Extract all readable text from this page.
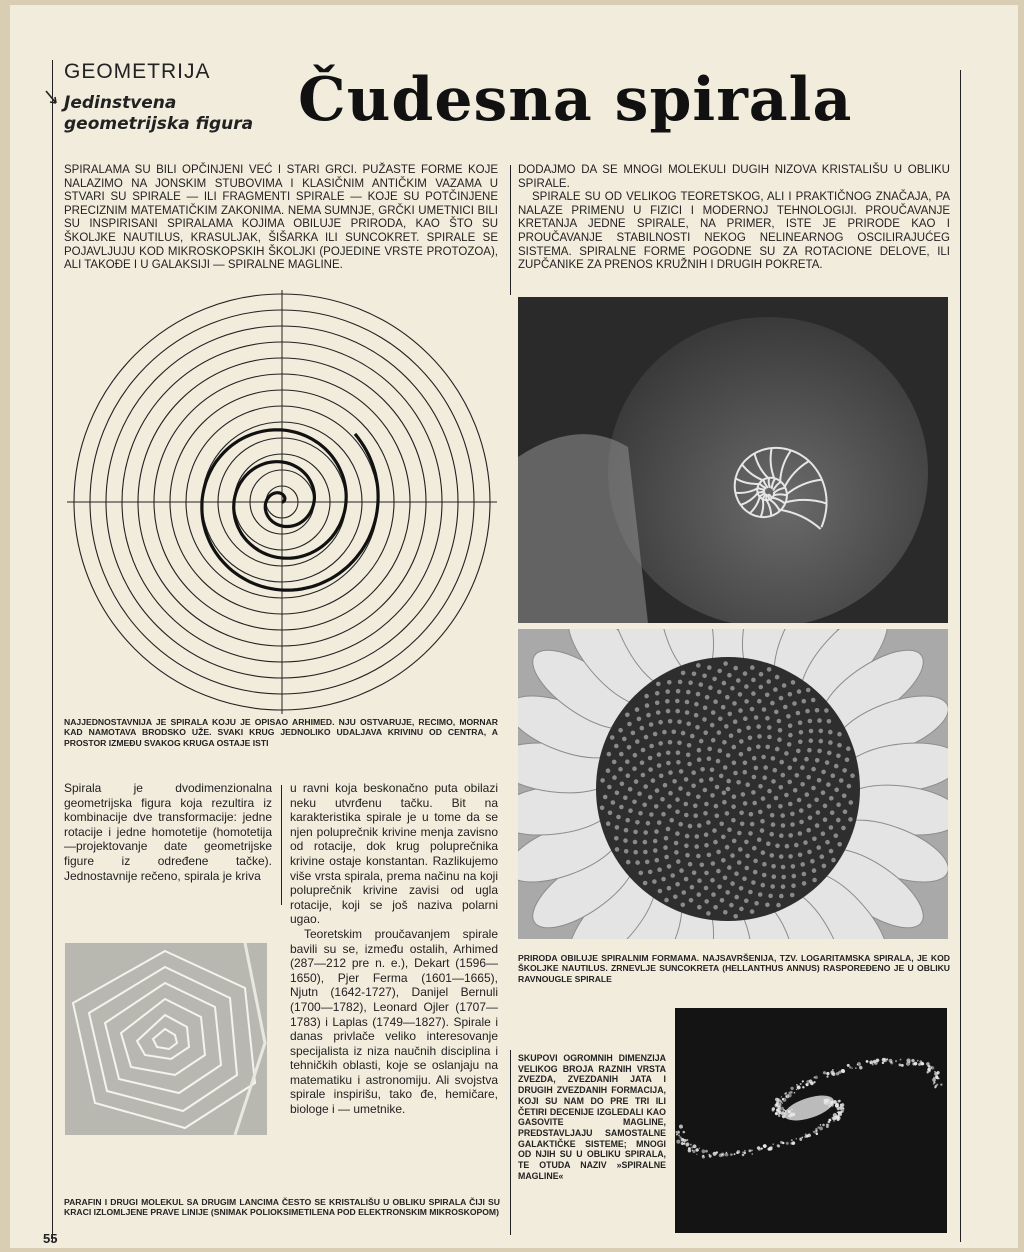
GEOMETRIJA
Jedinstvena
geometrijska figura Čudesna spirala
SPIRALAMA SU BILI OPČINJENI VEĆ I STARI GRCI. PUŽASTE FORME KOJE NALAZIMO NA JONSKIM STUBOVIMA I KLASIČNIM ANTIČKIM VAZAMA U STVARI SU SPIRALE — ILI FRAGMENTI SPIRALE — KOJE SU POTČINJENE PRECIZNIM MATEMATIČKIM ZAKONIMA. NEMA SUMNJE, GRČKI UMETNICI BILI SU INSPIRISANI SPIRALAMA KOJIMA OBILUJE PRIRODA, KAO ŠTO SU ŠKOLJKE NAUTILUS, KRASULJAK, ŠIŠARKA ILI SUNCOKRET. SPIRALE SE POJAVLJUJU KOD MIKROSKOPSKIH ŠKOLJKI (POJEDINE VRSTE PROTOZOA), ALI TAKOĐE I U GALAKSIJI — SPIRALNE MAGLINE.
DODAJMO DA SE MNOGI MOLEKULI DUGIH NIZOVA KRISTALIŠU U OBLIKU SPIRALE.
SPIRALE SU OD VELIKOG TEORETSKOG, ALI I PRAKTIČNOG ZNAČAJA, PA NALAZE PRIMENU U FIZICI I MODERNOJ TEHNOLOGIJI. PROUČAVANJE KRETANJA JEDNE SPIRALE, NA PRIMER, ISTE JE PRIRODE KAO I PROUČAVANJE STABILNOSTI NEKOG NELINEARNOG OSCILIRAJUĆEG SISTEMA. SPIRALNE FORME POGODNE SU ZA ROTACIONE DELOVE, ILI ZUPČANIKE ZA PRENOS KRUŽNIH I DRUGIH POKRETA.
NAJJEDNOSTAVNIJA JE SPIRALA KOJU JE OPISAO ARHIMED. NJU OSTVARUJE, RECIMO, MORNAR KAD NAMOTAVA BRODSKO UŽE. SVAKI KRUG JEDNOLIKO UDALJAVA KRIVINU OD CENTRA, A PROSTOR IZMEĐU SVAKOG KRUGA OSTAJE ISTI
Spirala je dvodimenzionalna geometrijska figura koja rezultira iz kombinacije dve transformacije: jedne rotacije i jedne homotetije (homotetija—projektovanje date geometrijske figure iz određene tačke). Jednostavnije rečeno, spirala je kriva

u ravni koja beskonačno puta obilazi neku utvrđenu tačku. Bit na karakteristika spirale je u tome da se njen poluprečnik krivine menja zavisno od rotacije, dok krug poluprečnika krivine ostaje konstantan. Razlikujemo više vrsta spirala, prema načinu na koji poluprečnik krivine zavisi od ugla rotacije, koji se još naziva polarni ugao.

Teoretskim proučavanjem spirale bavili su se, između ostalih, Arhimed (287—212 pre n. e.), Dekart (1596—1650), Pjer Ferma (1601—1665), Njutn (1642-1727), Danijel Bernuli (1700—1782), Leonard Ojler (1707—1783) i Laplas (1749—1827). Spirale i danas privlače veliko interesovanje specijalista iz niza naučnih disciplina i tehničkih oblasti, koje se oslanjaju na matematiku i astronomiju. Ali svojstva spirale inspirišu, tako đe, hemičare, biologe i — umetnike.

PARAFIN I DRUGI MOLEKUL SA DRUGIM LANCIMA ČESTO SE KRISTALIŠU U OBLIKU SPIRALA ČIJI SU KRACI IZLOMLJENE PRAVE LINIJE (SNIMAK POLIOKSIMETILENA POD ELEKTRONSKIM MIKROSKOPOM)
PRIRODA OBILUJE SPIRALNIM FORMAMA. NAJSAVRŠENIJA, TZV. LOGARITAMSKA SPIRALA, JE KOD ŠKOLJKE NAUTILUS. ZRNEVLJE SUNCOKRETA (HELLANTHUS ANNUS) RASPOREĐENO JE U OBLIKU RAVNOUGLE SPIRALE
SKUPOVI OGROMNIH DIMENZIJA VELIKOG BROJA RAZNIH VRSTA ZVEZDA, ZVEZDANIH JATA I DRUGIH ZVEZDANIH FORMACIJA, KOJI SU NAM DO PRE TRI ILI ČETIRI DECENIJE IZGLEDALI KAO GASOVITE MAGLINE, PREDSTAVLJAJU SAMOSTALNE GALAKTIČKE SISTEME; MNOGI OD NJIH SU U OBLIKU SPIRALA, TE OTUDA NAZIV »SPIRALNE MAGLINE«
55
